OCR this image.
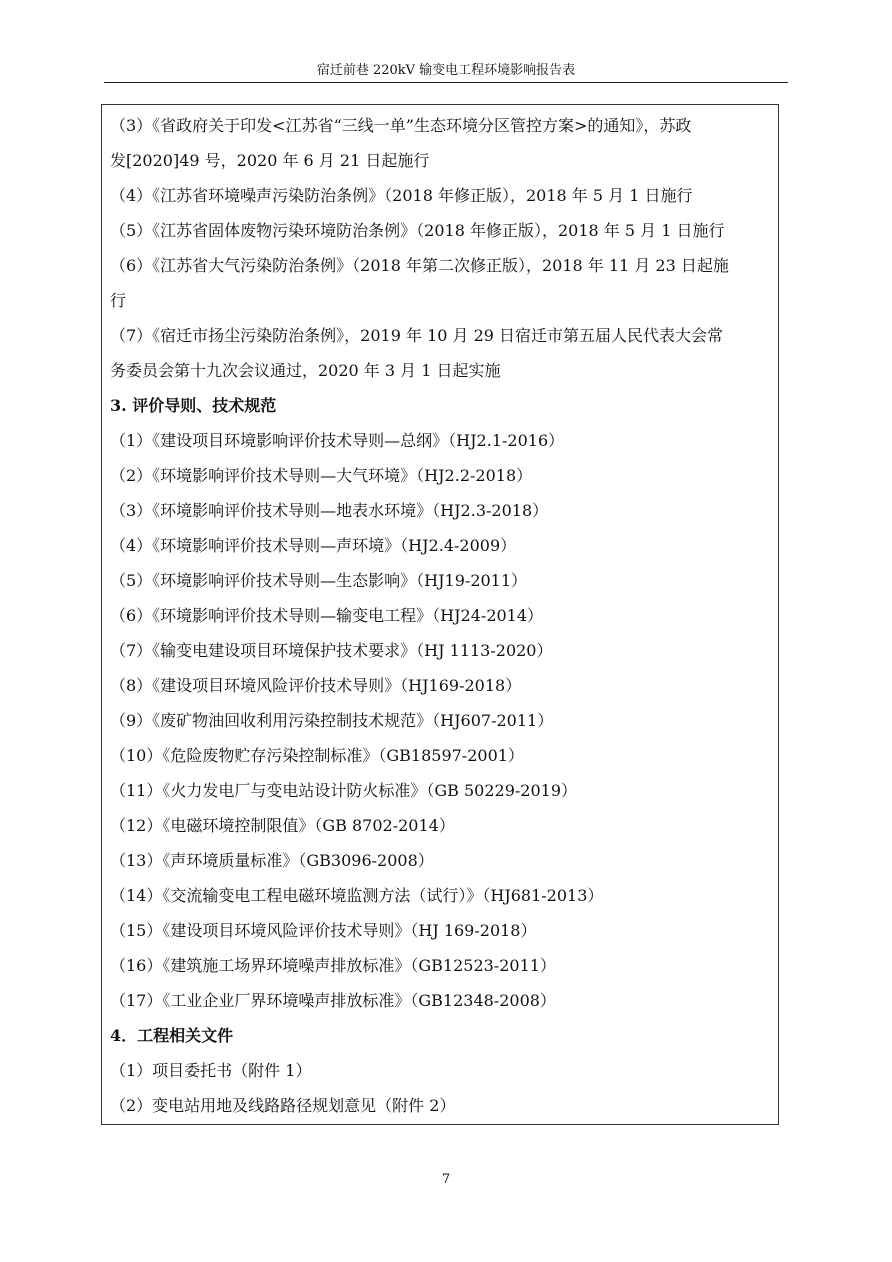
宿迁前巷 220kV 输变电工程环境影响报告表
（3）《省政府关于印发<江苏省“三线一单”生态环境分区管控方案>的通知》，苏政
发[2020]49 号，2020 年 6 月 21 日起施行
（4）《江苏省环境噪声污染防治条例》（2018 年修正版），2018 年 5 月 1 日施行
（5）《江苏省固体废物污染环境防治条例》（2018 年修正版），2018 年 5 月 1 日施行
（6）《江苏省大气污染防治条例》（2018 年第二次修正版），2018 年 11 月 23 日起施
行
（7）《宿迁市扬尘污染防治条例》，2019 年 10 月 29 日宿迁市第五届人民代表大会常
务委员会第十九次会议通过，2020 年 3 月 1 日起实施
3. 评价导则、技术规范
（1）《建设项目环境影响评价技术导则—总纲》（HJ2.1-2016）
（2）《环境影响评价技术导则—大气环境》（HJ2.2-2018）
（3）《环境影响评价技术导则—地表水环境》（HJ2.3-2018）
（4）《环境影响评价技术导则—声环境》（HJ2.4-2009）
（5）《环境影响评价技术导则—生态影响》（HJ19-2011）
（6）《环境影响评价技术导则—输变电工程》（HJ24-2014）
（7）《输变电建设项目环境保护技术要求》（HJ 1113-2020）
（8）《建设项目环境风险评价技术导则》（HJ169-2018）
（9）《废矿物油回收利用污染控制技术规范》（HJ607-2011）
（10）《危险废物贮存污染控制标准》（GB18597-2001）
（11）《火力发电厂与变电站设计防火标准》（GB 50229-2019）
（12）《电磁环境控制限值》（GB 8702-2014）
（13）《声环境质量标准》（GB3096-2008）
（14）《交流输变电工程电磁环境监测方法（试行）》（HJ681-2013）
（15）《建设项目环境风险评价技术导则》（HJ 169-2018）
（16）《建筑施工场界环境噪声排放标准》（GB12523-2011）
（17）《工业企业厂界环境噪声排放标准》（GB12348-2008）
4．工程相关文件
（1）项目委托书（附件 1）
（2）变电站用地及线路路径规划意见（附件 2）
7
